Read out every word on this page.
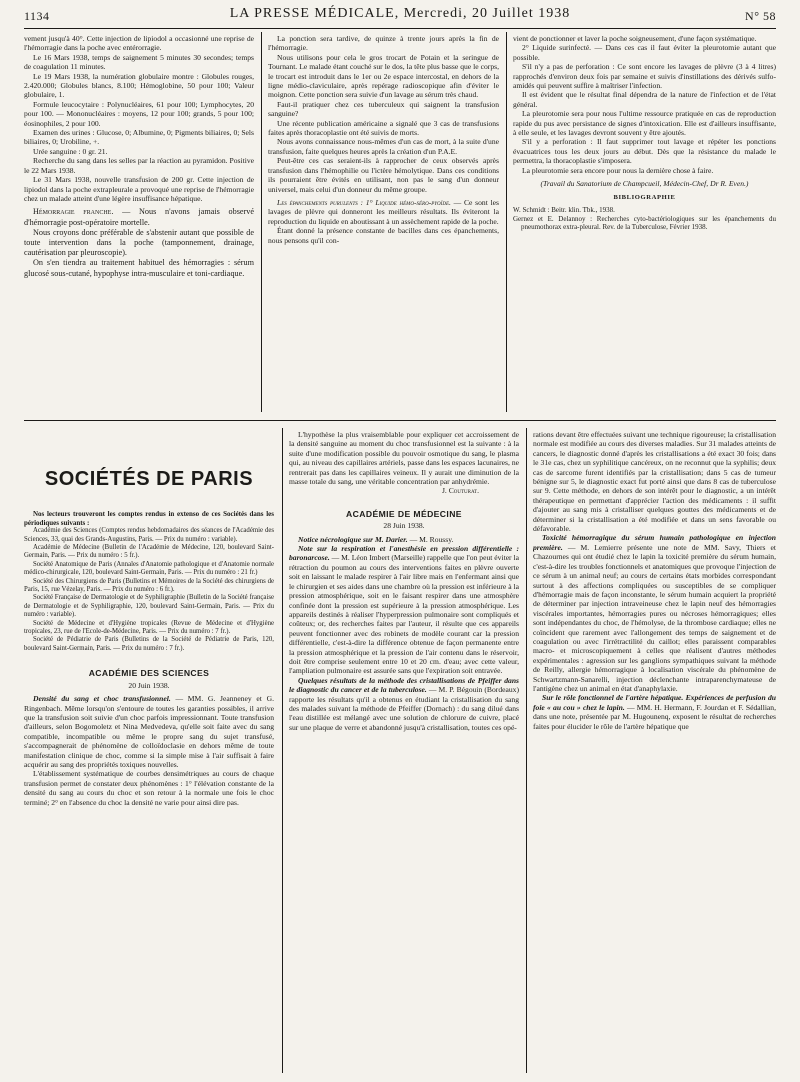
1134	LA PRESSE MÉDICALE, Mercredi, 20 Juillet 1938	N° 58

vement jusqu'à 40°. Cette injection de lipiodol a occasionné une reprise de l'hémorragie dans la poche avec entérorragie.

Le 16 Mars 1938, temps de saignement 5 minutes 30 secondes; temps de coagulation 11 minutes.

Le 19 Mars 1938, la numération globulaire montre : Globules rouges, 2.420.000; Globules blancs, 8.100; Hémoglobine, 50 pour 100; Valeur globulaire, 1.

Formule leucocytaire : Polynucléaires, 61 pour 100; Lymphocytes, 20 pour 100. — Mononucléaires : moyens, 12 pour 100; grands, 5 pour 100; éosinophiles, 2 pour 100.

Examen des urines : Glucose, 0; Albumine, 0; Pigments biliaires, 0; Sels biliaires, 0; Urobiline, +.

Urée sanguine : 0 gr. 21.

Recherche du sang dans les selles par la réaction au pyramidon. Positive le 22 Mars 1938.

Le 31 Mars 1938, nouvelle transfusion de 200 gr. Cette injection de lipiodol dans la poche extrapleurale a provoqué une reprise de l'hémorragie chez un malade atteint d'une légère insuffisance hépatique.

Hémorragie franche. — Nous n'avons jamais observé d'hémorragie post-opératoire mortelle.

Nous croyons donc préférable de s'abstenir autant que possible de toute intervention dans la poche (tamponnement, drainage, cautérisation par pleuroscopie).

On s'en tiendra au traitement habituel des hémorragies : sérum glucosé sous-cutané, hypophyse intra-musculaire et toni-cardiaque.

La ponction sera tardive, de quinze à trente jours après la fin de l'hémorragie.

Nous utilisons pour cela le gros trocart de Potain et la seringue de Tournant. Le malade étant couché sur le dos, la tête plus basse que le corps, le trocart est introduit dans le 1er ou 2e espace intercostal, en dehors de la ligne médio-claviculaire, après repérage radioscopique afin d'éviter le moignon. Cette ponction sera suivie d'un lavage au sérum très chaud.

Faut-il pratiquer chez ces tuberculeux qui saignent la transfusion sanguine?

Une récente publication américaine a signalé que 3 cas de transfusions faites après thoracoplastie ont été suivis de morts.

Nous avons connaissance nous-mêmes d'un cas de mort, à la suite d'une transfusion, faite quelques heures après la création d'un P.A.E.

Peut-être ces cas seraient-ils à rapprocher de ceux observés après transfusion dans l'hémophilie ou l'ictère hémolytique. Dans ces conditions ils pourraient être évités en utilisant, non pas le sang d'un donneur universel, mais celui d'un donneur du même groupe.

Les épanchements purulents : 1° Liquide hémo-séro-pyoïde. — Ce sont les lavages de plèvre qui donneront les meilleurs résultats. Ils éviteront la reproduction du liquide en aboutissant à un assèchement rapide de la poche.

Étant donné la présence constante de bacilles dans ces épanchements, nous pensons qu'il con-

vient de ponctionner et laver la poche soigneusement, d'une façon systématique.

2° Liquide surinfecté. — Dans ces cas il faut éviter la pleurotomie autant que possible.

S'il n'y a pas de perforation : Ce sont encore les lavages de plèvre (3 à 4 litres) rapprochés d'environ deux fois par semaine et suivis d'instillations des dérivés sulfo-amidés qui peuvent suffire à maîtriser l'infection.

Il est évident que le résultat final dépendra de la nature de l'infection et de l'état général.

La pleurotomie sera pour nous l'ultime ressource pratiquée en cas de reproduction rapide du pus avec persistance de signes d'intoxication. Elle est d'ailleurs insuffisante, à elle seule, et les lavages devront souvent y être ajoutés.

S'il y a perforation : Il faut supprimer tout lavage et répéter les ponctions évacuatrices tous les deux jours au début. Dès que la résistance du malade le permettra, la thoracoplastie s'imposera.

La pleurotomie sera encore pour nous la dernière chose à faire.

(Travail du Sanatorium de Champcueil, Médecin-Chef, Dr R. Even.)

BIBLIOGRAPHIE

W. Schmidt : Beitr. klin. Tbk., 1938.

Gernez et E. Delannoy : Recherches cyto-bactériologiques sur les épanchements du pneumothorax extra-pleural. Rev. de la Tuberculose, Février 1938.

SOCIÉTÉS DE PARIS

Nos lecteurs trouveront les comptes rendus in extenso de ces Sociétés dans les périodiques suivants :

Académie des Sciences (Comptes rendus hebdomadaires des séances de l'Académie des Sciences, 33, quai des Grands-Augustins, Paris. — Prix du numéro : variable).

Académie de Médecine (Bulletin de l'Académie de Médecine, 120, boulevard Saint-Germain, Paris. — Prix du numéro : 5 fr.).

Société Anatomique de Paris (Annales d'Anatomie pathologique et d'Anatomie normale médico-chirurgicale, 120, boulevard Saint-Germain, Paris. — Prix du numéro : 21 fr.)

Société des Chirurgiens de Paris (Bulletins et Mémoires de la Société des chirurgiens de Paris, 15, rue Vézelay, Paris. — Prix du numéro : 6 fr.).

Société Française de Dermatologie et de Syphiligraphie (Bulletin de la Société française de Dermatologie et de Syphiligraphie, 120, boulevard Saint-Germain, Paris. — Prix du numéro : variable).

Société de Médecine et d'Hygiène tropicales (Revue de Médecine et d'Hygiène tropicales, 23, rue de l'Ecole-de-Médecine, Paris. — Prix du numéro : 7 fr.).

Société de Pédiatrie de Paris (Bulletins de la Société de Pédiatrie de Paris, 120, boulevard Saint-Germain, Paris. — Prix du numéro : 7 fr.).

ACADÉMIE DES SCIENCES

20 Juin 1938.

Densité du sang et choc transfusionnel. — MM. G. Jeanneney et G. Ringenbach. Même lorsqu'on s'entoure de toutes les garanties possibles, il arrive que la transfusion soit suivie d'un choc parfois impressionnant. Toute transfusion d'ailleurs, selon Bogomoletz et Nina Medvedeva, qu'elle soit faite avec du sang compatible, incompatible ou même le propre sang du sujet transfusé, s'accompagnerait de phénomène de colloïdoclasie en dehors même de toute manifestation clinique de choc, comme si la simple mise à l'air suffisait à faire acquérir au sang des propriétés toxiques nouvelles.

L'établissement systématique de courbes densimétriques au cours de chaque transfusion permet de constater deux phénomènes : 1° l'élévation constante de la densité du sang au cours du choc et son retour à la normale une fois le choc terminé; 2° en l'absence du choc la densité ne varie pour ainsi dire pas.

L'hypothèse la plus vraisemblable pour expliquer cet accroissement de la densité sanguine au moment du choc transfusionnel est la suivante : à la suite d'une modification possible du pouvoir osmotique du sang, le plasma qui, au niveau des capillaires artériels, passe dans les espaces lacunaires, ne rentrerait pas dans les capillaires veineux. Il y aurait une diminution de la masse totale du sang, une véritable concentration par anhydrémie.

J. Couturat.

ACADÉMIE DE MÉDECINE

28 Juin 1938.

Notice nécrologique sur M. Darier. — M. Roussy.

Note sur la respiration et l'anesthésie en pression différentielle : baronarcose. — M. Léon Imbert (Marseille) rappelle que l'on peut éviter la rétraction du poumon au cours des interventions faites en plèvre ouverte soit en laissant le malade respirer à l'air libre mais en l'enfermant ainsi que le chirurgien et ses aides dans une chambre où la pression est inférieure à la pression atmosphérique, soit en le faisant respirer dans une atmosphère confinée dont la pression est supérieure à la pression atmosphérique. Les appareils destinés à réaliser l'hyperpression pulmonaire sont compliqués et coûteux; or, des recherches faites par l'auteur, il résulte que ces appareils peuvent fonctionner avec des robinets de modèle courant car la pression différentielle, c'est-à-dire la différence obtenue de façon permanente entre la pression atmosphérique et la pression de l'air contenu dans le réservoir, doit être comprise seulement entre 10 et 20 cm. d'eau; avec cette valeur, l'ampliation pulmonaire est assurée sans que l'expiration soit entravée.

Quelques résultats de la méthode des cristallisations de Pfeiffer dans le diagnostic du cancer et de la tuberculose. — M. P. Bégouin (Bordeaux) rapporte les résultats qu'il a obtenus en étudiant la cristallisation du sang des malades suivant la méthode de Pfeiffer (Dornach) : du sang dilué dans l'eau distillée est mélangé avec une solution de chlorure de cuivre, placé sur une plaque de verre et abandonné jusqu'à cristallisation, toutes ces opé-

rations devant être effectuées suivant une technique rigoureuse; la cristallisation normale est modifiée au cours des diverses maladies. Sur 31 malades atteints de cancers, le diagnostic donné d'après les cristallisations a été exact 30 fois; dans le 31e cas, chez un syphilitique cancéreux, on ne reconnut que la syphilis; deux cas de sarcome furent identifiés par la cristallisation; dans 5 cas de tumeur bénigne sur 5, le diagnostic exact fut porté ainsi que dans 8 cas de tuberculose sur 9. Cette méthode, en dehors de son intérêt pour le diagnostic, a un intérêt thérapeutique en permettant d'apprécier l'action des médicaments : il suffit d'ajouter au sang mis à cristalliser quelques gouttes des médicaments et de déterminer si la cristallisation a été modifiée et dans un sens favorable ou défavorable.

Toxicité hémorragique du sérum humain pathologique en injection première. — M. Lemierre présente une note de MM. Savy, Thiers et Chazournes qui ont étudié chez le lapin la toxicité première du sérum humain, c'est-à-dire les troubles fonctionnels et anatomiques que provoque l'injection de ce sérum à un animal neuf; au cours de certains états morbides correspondant surtout à des affections compliquées ou susceptibles de se compliquer d'hémorragie mais de façon inconstante, le sérum humain acquiert la propriété de déterminer par injection intraveineuse chez le lapin neuf des hémorragies viscérales importantes, hémorragies pures ou nécroses hémorragiques; elles sont indépendantes du choc, de l'hémolyse, de la thrombose cardiaque; elles ne coïncident que rarement avec l'allongement des temps de saignement et de coagulation ou avec l'irrétractilité du caillot; elles paraissent comparables macro- et microscopiquement à celles que réalisent d'autres méthodes expérimentales : agression sur les ganglions sympathiques suivant la méthode de Reilly, allergie hémorragique à localisation viscérale du phénomène de Schwartzmann-Sanarelli, injection déclenchante intraparenchymateuse de l'antigène chez un animal en état d'anaphylaxie.

Sur le rôle fonctionnel de l'artère hépatique. Expériences de perfusion du foie « au cou » chez le lapin. — MM. H. Hermann, F. Jourdan et F. Sédallian, dans une note, présentée par M. Hugounenq, exposent le résultat de recherches faites pour élucider le rôle de l'artère hépatique que
